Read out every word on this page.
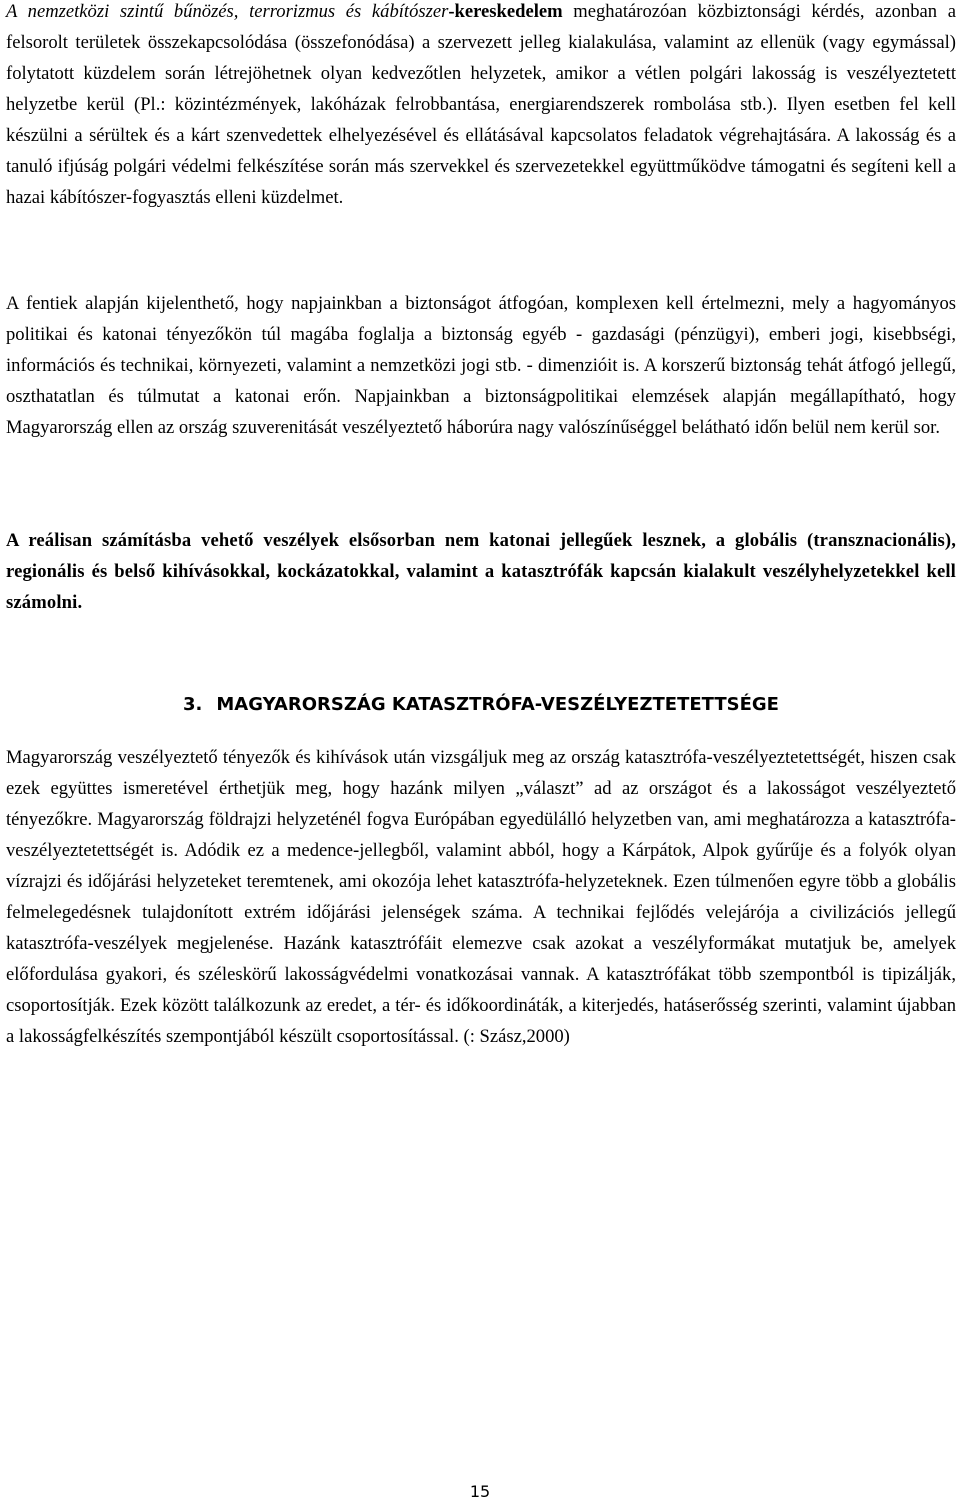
A nemzetközi szintű bűnözés, terrorizmus és kábítószer-kereskedelem meghatározóan közbiztonsági kérdés, azonban a felsorolt területek összekapcsolódása (összefonódása) a szervezett jelleg kialakulása, valamint az ellenük (vagy egymással) folytatott küzdelem során létrejöhetnek olyan kedvezőtlen helyzetek, amikor a vétlen polgári lakosság is veszélyeztetett helyzetbe kerül (Pl.: közintézmények, lakóházak felrobbantása, energiarendszerek rombolása stb.). Ilyen esetben fel kell készülni a sérültek és a kárt szenvedettek elhelyezésével és ellátásával kapcsolatos feladatok végrehajtására. A lakosság és a tanuló ifjúság polgári védelmi felkészítése során más szervekkel és szervezetekkel együttműködve támogatni és segíteni kell a hazai kábítószer-fogyasztás elleni küzdelmet.

A fentiek alapján kijelenthető, hogy napjainkban a biztonságot átfogóan, komplexen kell értelmezni, mely a hagyományos politikai és katonai tényezőkön túl magába foglalja a biztonság egyéb - gazdasági (pénzügyi), emberi jogi, kisebbségi, információs és technikai, környezeti, valamint a nemzetközi jogi stb. - dimenzióit is. A korszerű biztonság tehát átfogó jellegű, oszthatatlan és túlmutat a katonai erőn. Napjainkban a biztonságpolitikai elemzések alapján megállapítható, hogy Magyarország ellen az ország szuverenitását veszélyeztető háborúra nagy valószínűséggel belátható időn belül nem kerül sor.

A reálisan számításba vehető veszélyek elsősorban nem katonai jellegűek lesznek, a globális (transznacionális), regionális és belső kihívásokkal, kockázatokkal, valamint a katasztrófák kapcsán kialakult veszélyhelyzetekkel kell számolni.

3. MAGYARORSZÁG KATASZTRÓFA-VESZÉLYEZTETETTSÉGE

Magyarország veszélyeztető tényezők és kihívások után vizsgáljuk meg az ország katasztrófa-veszélyeztetettségét, hiszen csak ezek együttes ismeretével érthetjük meg, hogy hazánk milyen „választ” ad az országot és a lakosságot veszélyeztető tényezőkre. Magyarország földrajzi helyzeténél fogva Európában egyedülálló helyzetben van, ami meghatározza a katasztrófa-veszélyeztetettségét is. Adódik ez a medence-jellegből, valamint abból, hogy a Kárpátok, Alpok gyűrűje és a folyók olyan vízrajzi és időjárási helyzeteket teremtenek, ami okozója lehet katasztrófa-helyzeteknek. Ezen túlmenően egyre több a globális felmelegedésnek tulajdonított extrém időjárási jelenségek száma. A technikai fejlődés velejárója a civilizációs jellegű katasztrófa-veszélyek megjelenése. Hazánk katasztrófáit elemezve csak azokat a veszélyformákat mutatjuk be, amelyek előfordulása gyakori, és széleskörű lakosságvédelmi vonatkozásai vannak. A katasztrófákat több szempontból is tipizálják, csoportosítják. Ezek között találkozunk az eredet, a tér- és időkoordináták, a kiterjedés, hatáserősség szerinti, valamint újabban a lakosságfelkészítés szempontjából készült csoportosítással. (: Szász,2000)

15
